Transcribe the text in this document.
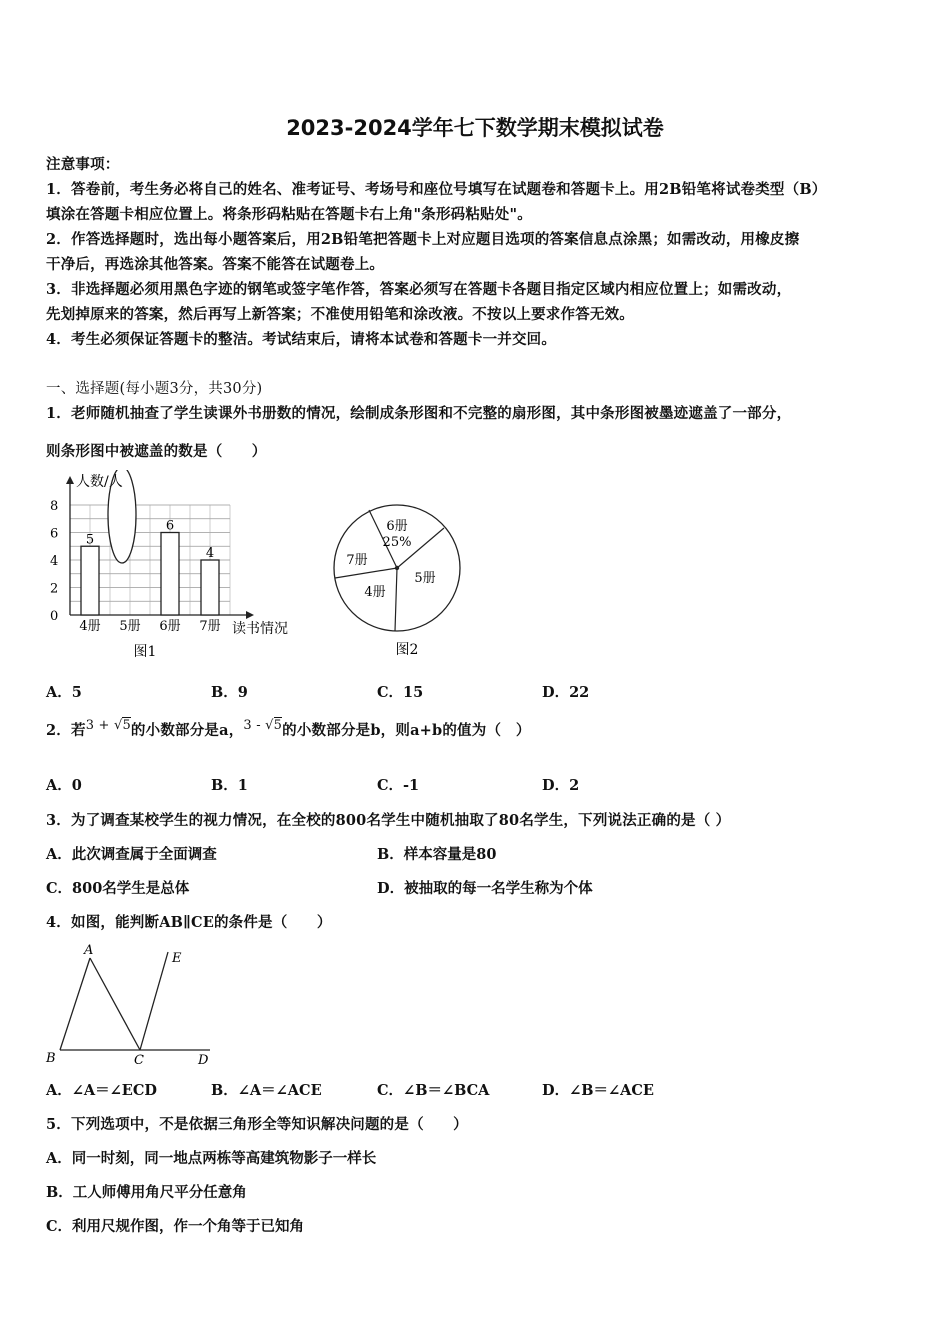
2023-2024学年七下数学期末模拟试卷
注意事项：
1．答卷前，考生务必将自己的姓名、准考证号、考场号和座位号填写在试题卷和答题卡上。用2B铅笔将试卷类型（B）
填涂在答题卡相应位置上。将条形码粘贴在答题卡右上角"条形码粘贴处"。
2．作答选择题时，选出每小题答案后，用2B铅笔把答题卡上对应题目选项的答案信息点涂黑；如需改动，用橡皮擦
干净后，再选涂其他答案。答案不能答在试题卷上。
3．非选择题必须用黑色字迹的钢笔或签字笔作答，答案必须写在答题卡各题目指定区域内相应位置上；如需改动，
先划掉原来的答案，然后再写上新答案；不准使用铅笔和涂改液。不按以上要求作答无效。
4．考生必须保证答题卡的整洁。考试结束后，请将本试卷和答题卡一并交回。
一、选择题(每小题3分，共30分)
1．老师随机抽查了学生读课外书册数的情况，绘制成条形图和不完整的扇形图，其中条形图被墨迹遮盖了一部分，
则条形图中被遮盖的数是（　　）
0
2
4
6
8
5
4册 5册
6
6册
4
7册
人数/人
读书情况
图1
6册
25%
5册
4册
7册
图2
A．5	B．9	C．15	D．22
2．若3 + √5的小数部分是a，3 - √5的小数部分是b，则a+b的值为（　）
A．0	B．1	C．-1	D．2
3．为了调查某校学生的视力情况，在全校的800名学生中随机抽取了80名学生，下列说法正确的是（ ）
A．此次调查属于全面调查	B．样本容量是80
C．800名学生是总体	D．被抽取的每一名学生称为个体
4．如图，能判断AB∥CE的条件是（　　）
A
B	C	D
E
A．∠A＝∠ECD	B．∠A＝∠ACE	C．∠B＝∠BCA	D．∠B＝∠ACE
5．下列选项中，不是依据三角形全等知识解决问题的是（　　）
A．同一时刻，同一地点两栋等高建筑物影子一样长
B．工人师傅用角尺平分任意角
C．利用尺规作图，作一个角等于已知角
